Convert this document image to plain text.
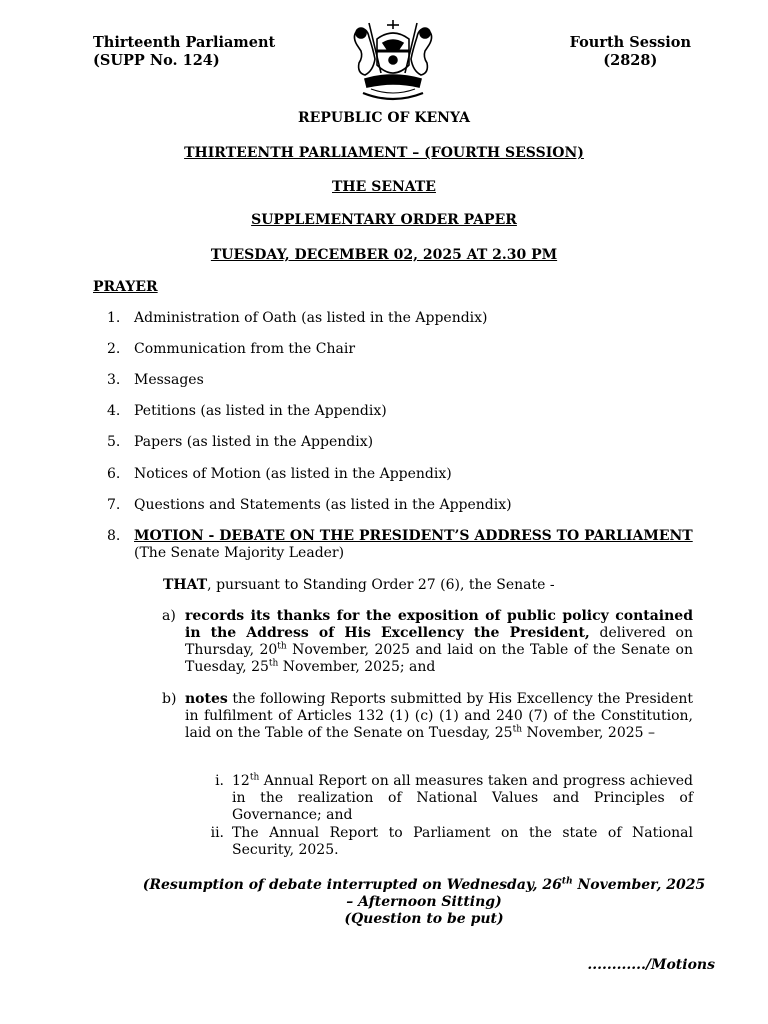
Thirteenth Parliament
(SUPP No. 124)
Fourth Session
(2828)
REPUBLIC OF KENYA
THIRTEENTH PARLIAMENT – (FOURTH SESSION)
THE SENATE
SUPPLEMENTARY ORDER PAPER
TUESDAY, DECEMBER 02, 2025 AT 2.30 PM
PRAYER
1. Administration of Oath (as listed in the Appendix)
2. Communication from the Chair
3. Messages
4. Petitions (as listed in the Appendix)
5. Papers (as listed in the Appendix)
6. Notices of Motion (as listed in the Appendix)
7. Questions and Statements (as listed in the Appendix)
8. MOTION - DEBATE ON THE PRESIDENT’S ADDRESS TO PARLIAMENT
(The Senate Majority Leader)
THAT, pursuant to Standing Order 27 (6), the Senate -
a) records its thanks for the exposition of public policy contained in the Address of His Excellency the President, delivered on Thursday, 20th November, 2025 and laid on the Table of the Senate on Tuesday, 25th November, 2025; and
b) notes the following Reports submitted by His Excellency the President in fulfilment of Articles 132 (1) (c) (1) and 240 (7) of the Constitution, laid on the Table of the Senate on Tuesday, 25th November, 2025 –
i. 12th Annual Report on all measures taken and progress achieved in the realization of National Values and Principles of Governance; and
ii. The Annual Report to Parliament on the state of National Security, 2025.
(Resumption of debate interrupted on Wednesday, 26th November, 2025 – Afternoon Sitting)
(Question to be put)
............/Motions
